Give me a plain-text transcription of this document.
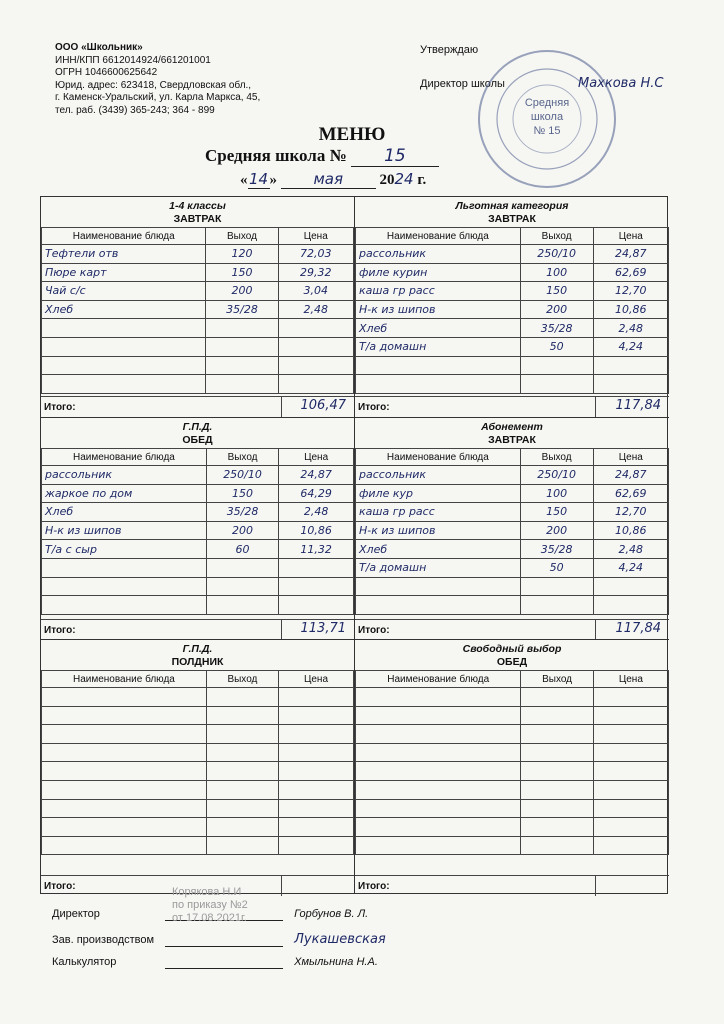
ООО «Школьник»
ИНН/КПП 6612014924/661201001
ОГРН 1046600625642
Юрид. адрес: 623418, Свердловская обл.,
г. Каменск-Уральский, ул. Карла Маркса, 45,
тел. раб. (3439) 365-243; 364 - 899
Утверждаю
Директор школы	Махкова Н.С
Средняя
школа
№ 15
МЕНЮ
Средняя школа № 15
«14» мая 2024 г.
1-4 классы
ЗАВТРАК
Наименование блюда	Выход	Цена
Тефтели отв	120	72,03
Пюре карт	150	29,32
Чай с/с	200	3,04
Хлеб	35/28	2,48

Итого:	106,47
Г.П.Д.
ОБЕД
Наименование блюда	Выход	Цена
рассольник	250/10	24,87
жаркое по дом	150	64,29
Хлеб	35/28	2,48
Н-к из шипов	200	10,86
Т/а с сыр	60	11,32

Итого:	113,71
Г.П.Д.
ПОЛДНИК
Наименование блюда	Выход	Цена

Итого:
Льготная категория
ЗАВТРАК
Наименование блюда	Выход	Цена
рассольник	250/10	24,87
филе курин	100	62,69
каша гр расс	150	12,70
Н-к из шипов	200	10,86
Хлеб	35/28	2,48
Т/а домашн	50	4,24

Итого:	117,84
Абонемент
ЗАВТРАК
Наименование блюда	Выход	Цена
рассольник	250/10	24,87
филе кур	100	62,69
каша гр расс	150	12,70
Н-к из шипов	200	10,86
Хлеб	35/28	2,48
Т/а домашн	50	4,24

Итого:	117,84
Свободный выбор
ОБЕД
Наименование блюда	Выход	Цена

Итого:
Директор	Горбунов В. Л.
Зав. производством	Лукашевская
Калькулятор	Хмыльнина Н.А.
Корякова Н.И
по приказу №2
от 17.08.2021г.
